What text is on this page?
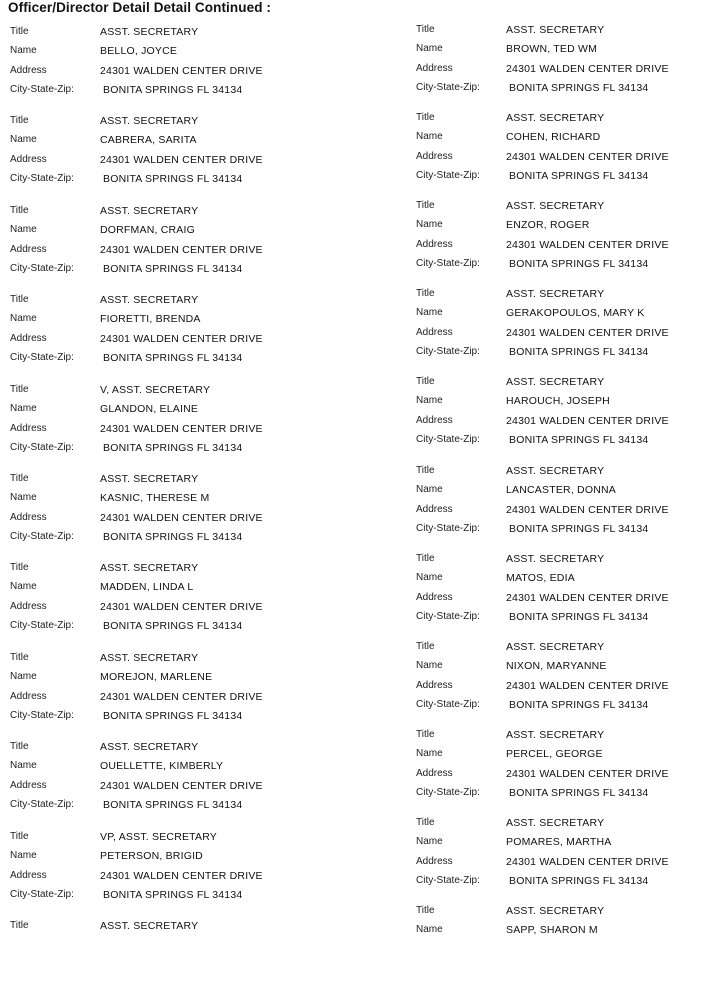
Officer/Director Detail Detail Continued :
Title	ASST. SECRETARY
Name	BELLO, JOYCE
Address	24301 WALDEN CENTER DRIVE
City-State-Zip:	BONITA SPRINGS FL 34134
Title	ASST. SECRETARY
Name	CABRERA, SARITA
Address	24301 WALDEN CENTER DRIVE
City-State-Zip:	BONITA SPRINGS FL 34134
Title	ASST. SECRETARY
Name	DORFMAN, CRAIG
Address	24301 WALDEN CENTER DRIVE
City-State-Zip:	BONITA SPRINGS FL 34134
Title	ASST. SECRETARY
Name	FIORETTI, BRENDA
Address	24301 WALDEN CENTER DRIVE
City-State-Zip:	BONITA SPRINGS FL 34134
Title	V, ASST. SECRETARY
Name	GLANDON, ELAINE
Address	24301 WALDEN CENTER DRIVE
City-State-Zip:	BONITA SPRINGS FL 34134
Title	ASST. SECRETARY
Name	KASNIC, THERESE M
Address	24301 WALDEN CENTER DRIVE
City-State-Zip:	BONITA SPRINGS FL 34134
Title	ASST. SECRETARY
Name	MADDEN, LINDA L
Address	24301 WALDEN CENTER DRIVE
City-State-Zip:	BONITA SPRINGS FL 34134
Title	ASST. SECRETARY
Name	MOREJON, MARLENE
Address	24301 WALDEN CENTER DRIVE
City-State-Zip:	BONITA SPRINGS FL 34134
Title	ASST. SECRETARY
Name	OUELLETTE, KIMBERLY
Address	24301 WALDEN CENTER DRIVE
City-State-Zip:	BONITA SPRINGS FL 34134
Title	VP, ASST. SECRETARY
Name	PETERSON, BRIGID
Address	24301 WALDEN CENTER DRIVE
City-State-Zip:	BONITA SPRINGS FL 34134
Title	ASST. SECRETARY
Title	ASST. SECRETARY
Name	BROWN, TED WM
Address	24301 WALDEN CENTER DRIVE
City-State-Zip:	BONITA SPRINGS FL 34134
Title	ASST. SECRETARY
Name	COHEN, RICHARD
Address	24301 WALDEN CENTER DRIVE
City-State-Zip:	BONITA SPRINGS FL 34134
Title	ASST. SECRETARY
Name	ENZOR, ROGER
Address	24301 WALDEN CENTER DRIVE
City-State-Zip:	BONITA SPRINGS FL 34134
Title	ASST. SECRETARY
Name	GERAKOPOULOS, MARY K
Address	24301 WALDEN CENTER DRIVE
City-State-Zip:	BONITA SPRINGS FL 34134
Title	ASST. SECRETARY
Name	HAROUCH, JOSEPH
Address	24301 WALDEN CENTER DRIVE
City-State-Zip:	BONITA SPRINGS FL 34134
Title	ASST. SECRETARY
Name	LANCASTER, DONNA
Address	24301 WALDEN CENTER DRIVE
City-State-Zip:	BONITA SPRINGS FL 34134
Title	ASST. SECRETARY
Name	MATOS, EDIA
Address	24301 WALDEN CENTER DRIVE
City-State-Zip:	BONITA SPRINGS FL 34134
Title	ASST. SECRETARY
Name	NIXON, MARYANNE
Address	24301 WALDEN CENTER DRIVE
City-State-Zip:	BONITA SPRINGS FL 34134
Title	ASST. SECRETARY
Name	PERCEL, GEORGE
Address	24301 WALDEN CENTER DRIVE
City-State-Zip:	BONITA SPRINGS FL 34134
Title	ASST. SECRETARY
Name	POMARES, MARTHA
Address	24301 WALDEN CENTER DRIVE
City-State-Zip:	BONITA SPRINGS FL 34134
Title	ASST. SECRETARY
Name	SAPP, SHARON M
